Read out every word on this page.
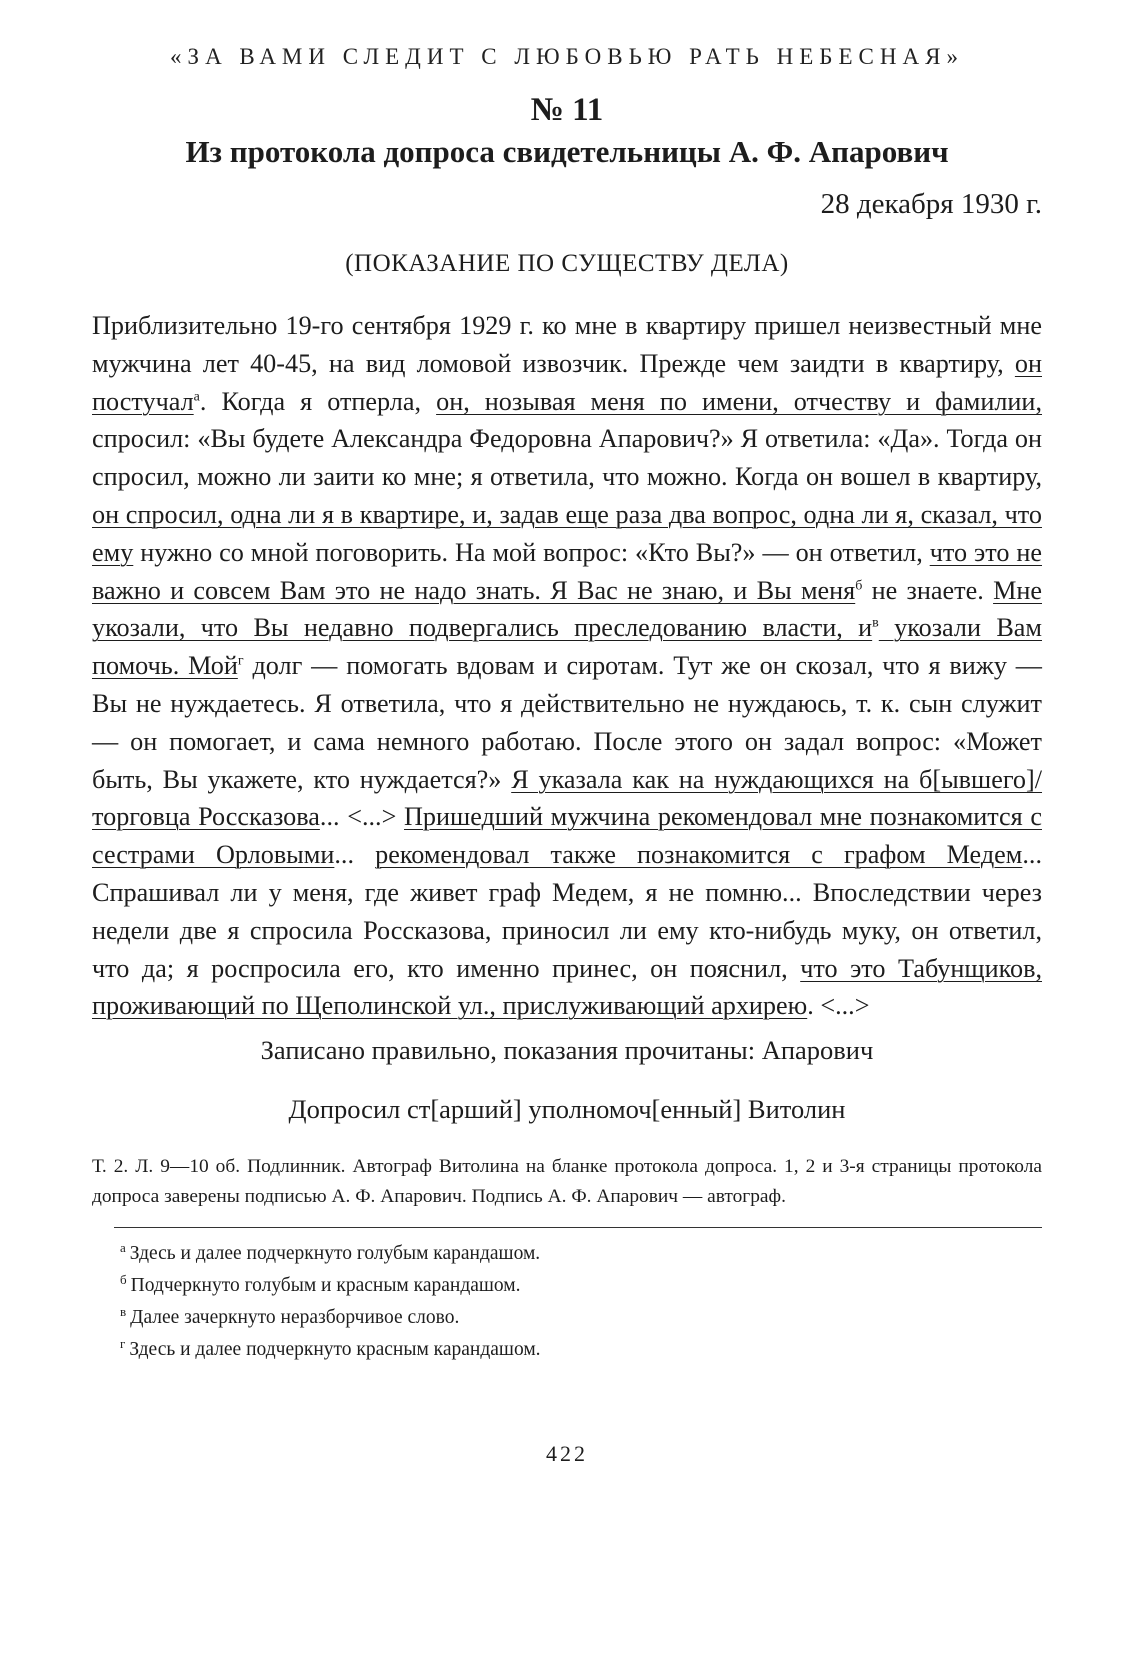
«ЗА ВАМИ СЛЕДИТ С ЛЮБОВЬЮ РАТЬ НЕБЕСНАЯ»
№ 11
Из протокола допроса свидетельницы А. Ф. Апарович
28 декабря 1930 г.
(ПОКАЗАНИЕ ПО СУЩЕСТВУ ДЕЛА)
Приблизительно 19-го сентября 1929 г. ко мне в квартиру пришел неизвестный мне мужчина лет 40-45, на вид ломовой извозчик. Прежде чем заидти в квартиру, он постучал$^а$. Когда я отперла, он, нозывая меня по имени, отчеству и фамилии, спросил: «Вы будете Александра Федоровна Апарович?» Я ответила: «Да». Тогда он спросил, можно ли заити ко мне; я ответила, что можно. Когда он вошел в квартиру, он спросил, одна ли я в квартире, и, задав еще раза два вопрос, одна ли я, сказал, что ему нужно со мной поговорить. На мой вопрос: «Кто Вы?» — он ответил, что это не важно и совсем Вам это не надо знать. Я Вас не знаю, и Вы меня$^б$ не знаете. Мне укозали, что Вы недавно подвергались преследованию власти, $и^в$ укозали Вам помочь. Мой$^г$ долг — помогать вдовам и сиротам. Тут же он скозал, что я вижу — Вы не нуждаетесь. Я ответила, что я действительно не нуждаюсь, т. к. сын служит — он помогает, и сама немного работаю. После этого он задал вопрос: «Может быть, Вы укажете, кто нуждается?» Я указала как на нуждающихся на б[ывшего]/торговца Россказова... <...> Пришедший мужчина рекомендовал мне познакомится с сестрами Орловыми... рекомендовал также познакомится с графом Медем... Спрашивал ли у меня, где живет граф Медем, я не помню... Впоследствии через недели две я спросила Россказова, приносил ли ему кто-нибудь муку, он ответил, что да; я роспросила его, кто именно принес, он пояснил, что это Табунщиков, проживающий по Щеполинской ул., прислуживающий архирею. <...>
Записано правильно, показания прочитаны: Апарович
Допросил ст[арший] уполномоч[енный] Витолин
Т. 2. Л. 9—10 об. Подлинник. Автограф Витолина на бланке протокола допроса. 1, 2 и 3-я страницы протокола допроса заверены подписью А. Ф. Апарович. Подпись А. Ф. Апарович — автограф.
$^а$ Здесь и далее подчеркнуто голубым карандашом.
$^б$ Подчеркнуто голубым и красным карандашом.
$^в$ Далее зачеркнуто неразборчивое слово.
$^г$ Здесь и далее подчеркнуто красным карандашом.
422
